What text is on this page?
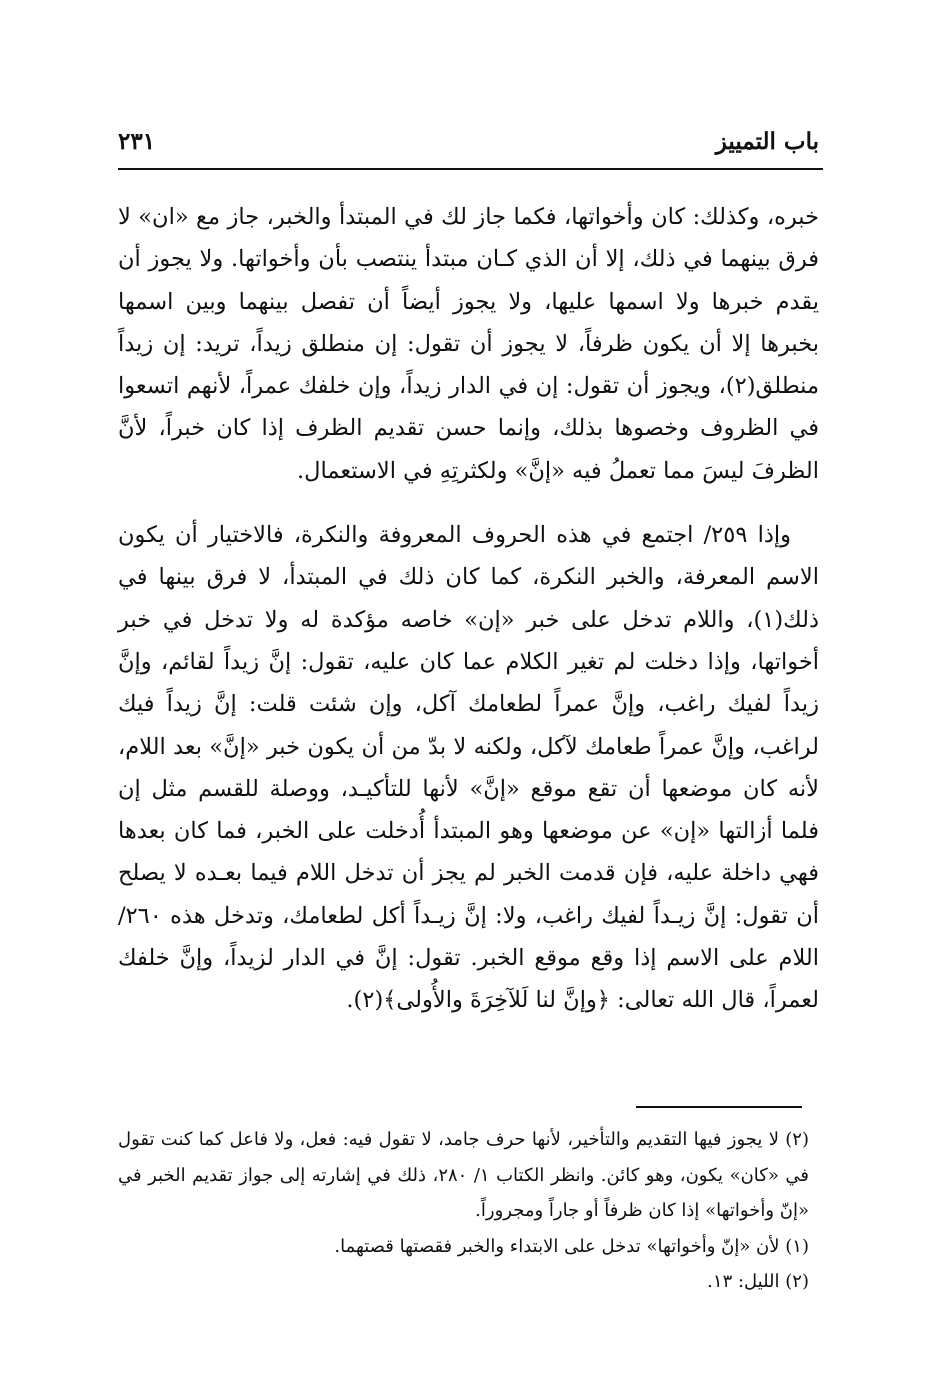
باب التمييز
٢٣١

خبره، وكذلك: كان وأخواتها، فكما جاز لك في المبتدأ والخبر، جاز مع «ان» لا فرق بينهما في ذلك، إلا أن الذي كـان مبتدأ ينتصب بأن وأخواتها. ولا يجوز أن يقدم خبرها ولا اسمها عليها، ولا يجوز أيضاً أن تفصل بينهما وبين اسمها بخبرها إلا أن يكون ظرفاً، لا يجوز أن تقول: إن منطلق زيداً، تريد: إن زيداً منطلق(٢)، ويجوز أن تقول: إن في الدار زيداً، وإن خلفك عمراً، لأنهم اتسعوا في الظروف وخصوها بذلك، وإنما حسن تقديم الظرف إذا كان خبراً، لأنَّ الظرفَ ليسَ مما تعملُ فيه «إنَّ» ولكثرتِهِ في الاستعمال.

وإذا ٢٥٩/ اجتمع في هذه الحروف المعروفة والنكرة، فالاختيار أن يكون الاسم المعرفة، والخبر النكرة، كما كان ذلك في المبتدأ، لا فرق بينها في ذلك(١)، واللام تدخل على خبر «إن» خاصه مؤكدة له ولا تدخل في خبر أخواتها، وإذا دخلت لم تغير الكلام عما كان عليه، تقول: إنَّ زيداً لقائم، وإنَّ زيداً لفيك راغب، وإنَّ عمراً لطعامك آكل، وإن شئت قلت: إنَّ زيداً فيك لراغب، وإنَّ عمراً طعامك لآكل، ولكنه لا بدّ من أن يكون خبر «إنَّ» بعد اللام، لأنه كان موضعها أن تقع موقع «إنَّ» لأنها للتأكيـد، ووصلة للقسم مثل إن فلما أزالتها «إن» عن موضعها وهو المبتدأ أُدخلت على الخبر، فما كان بعدها فهي داخلة عليه، فإن قدمت الخبر لم يجز أن تدخل اللام فيما بعـده لا يصلح أن تقول: إنَّ زيـداً لفيك راغب، ولا: إنَّ زيـداً أكل لطعامك، وتدخل هذه ٢٦٠/ اللام على الاسم إذا وقع موقع الخبر. تقول: إنَّ في الدار لزيداً، وإنَّ خلفك لعمراً، قال الله تعالى: ﴿وإنَّ لنا لَلآخِرَةَ والأُولى﴾(٢).

(٢) لا يجوز فيها التقديم والتأخير، لأنها حرف جامد، لا تقول فيه: فعل، ولا فاعل كما كنت تقول في «كان» يكون، وهو كائن. وانظر الكتاب ١/ ٢٨٠، ذلك في إشارته إلى جواز تقديم الخبر في «إنّ وأخواتها» إذا كان ظرفاً أو جاراً ومجروراً.

(١) لأن «إنّ وأخواتها» تدخل على الابتداء والخبر فقصتها قصتهما.

(٢) الليل: ١٣.
